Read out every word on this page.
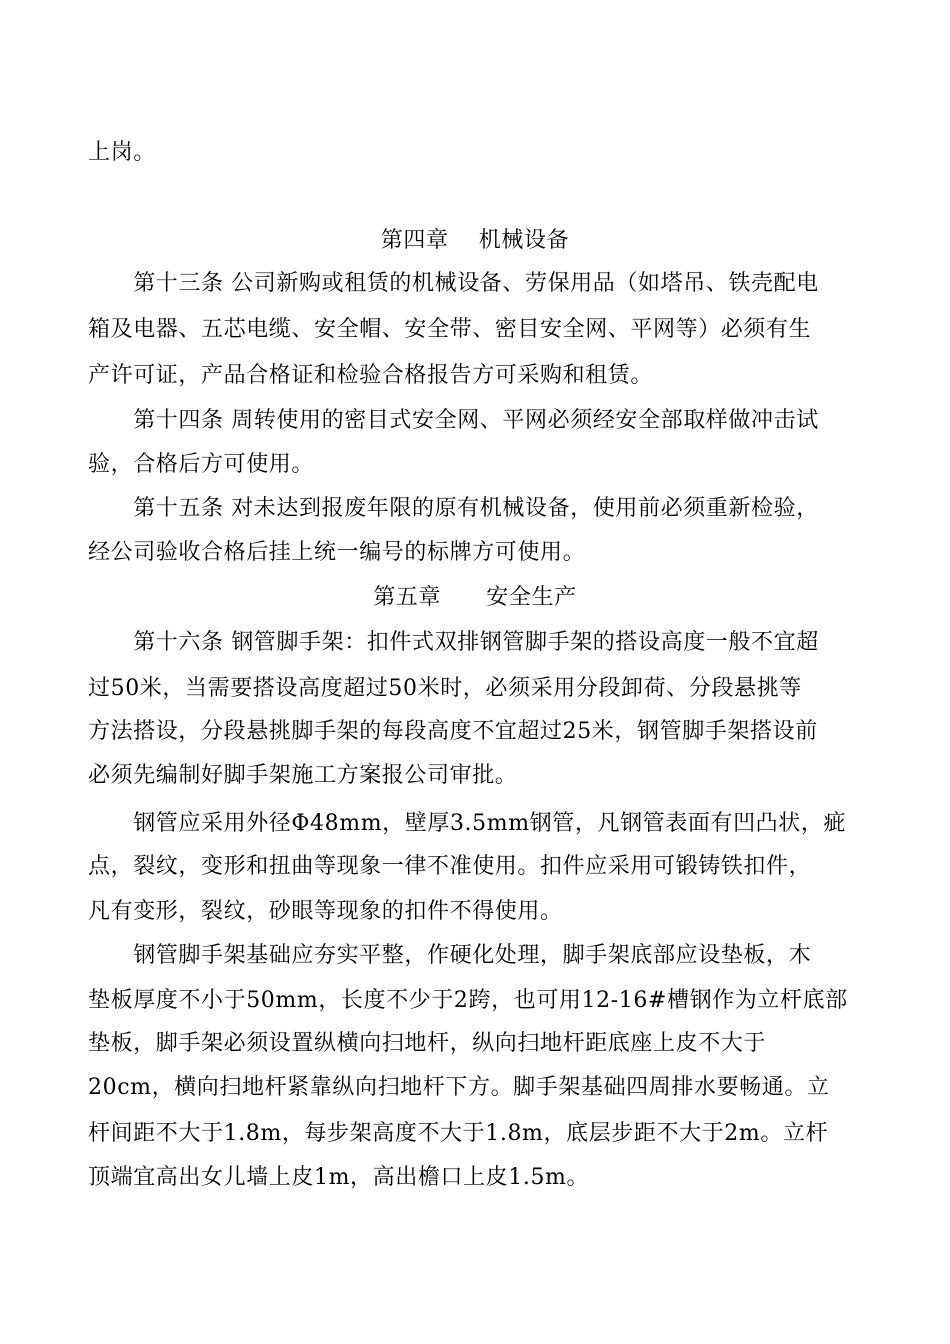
上岗。
第四章　 机械设备
　　第十三条 公司新购或租赁的机械设备、劳保用品（如塔吊、铁壳配电
箱及电器、五芯电缆、安全帽、安全带、密目安全网、平网等）必须有生
产许可证，产品合格证和检验合格报告方可采购和租赁。
　　第十四条 周转使用的密目式安全网、平网必须经安全部取样做冲击试
验，合格后方可使用。
　　第十五条 对未达到报废年限的原有机械设备，使用前必须重新检验，
经公司验收合格后挂上统一编号的标牌方可使用。
第五章　　安全生产
　　第十六条 钢管脚手架：扣件式双排钢管脚手架的搭设高度一般不宜超
过50米，当需要搭设高度超过50米时，必须采用分段卸荷、分段悬挑等
方法搭设，分段悬挑脚手架的每段高度不宜超过25米，钢管脚手架搭设前
必须先编制好脚手架施工方案报公司审批。
　　钢管应采用外径Φ48mm，壁厚3.5mm钢管，凡钢管表面有凹凸状，疵
点，裂纹，变形和扭曲等现象一律不准使用。扣件应采用可锻铸铁扣件，
凡有变形，裂纹，砂眼等现象的扣件不得使用。
　　钢管脚手架基础应夯实平整，作硬化处理，脚手架底部应设垫板，木
垫板厚度不小于50mm，长度不少于2跨，也可用12-16#槽钢作为立杆底部
垫板，脚手架必须设置纵横向扫地杆，纵向扫地杆距底座上皮不大于
20cm，横向扫地杆紧靠纵向扫地杆下方。脚手架基础四周排水要畅通。立
杆间距不大于1.8m，每步架高度不大于1.8m，底层步距不大于2m。立杆
顶端宜高出女儿墙上皮1m，高出檐口上皮1.5m。
